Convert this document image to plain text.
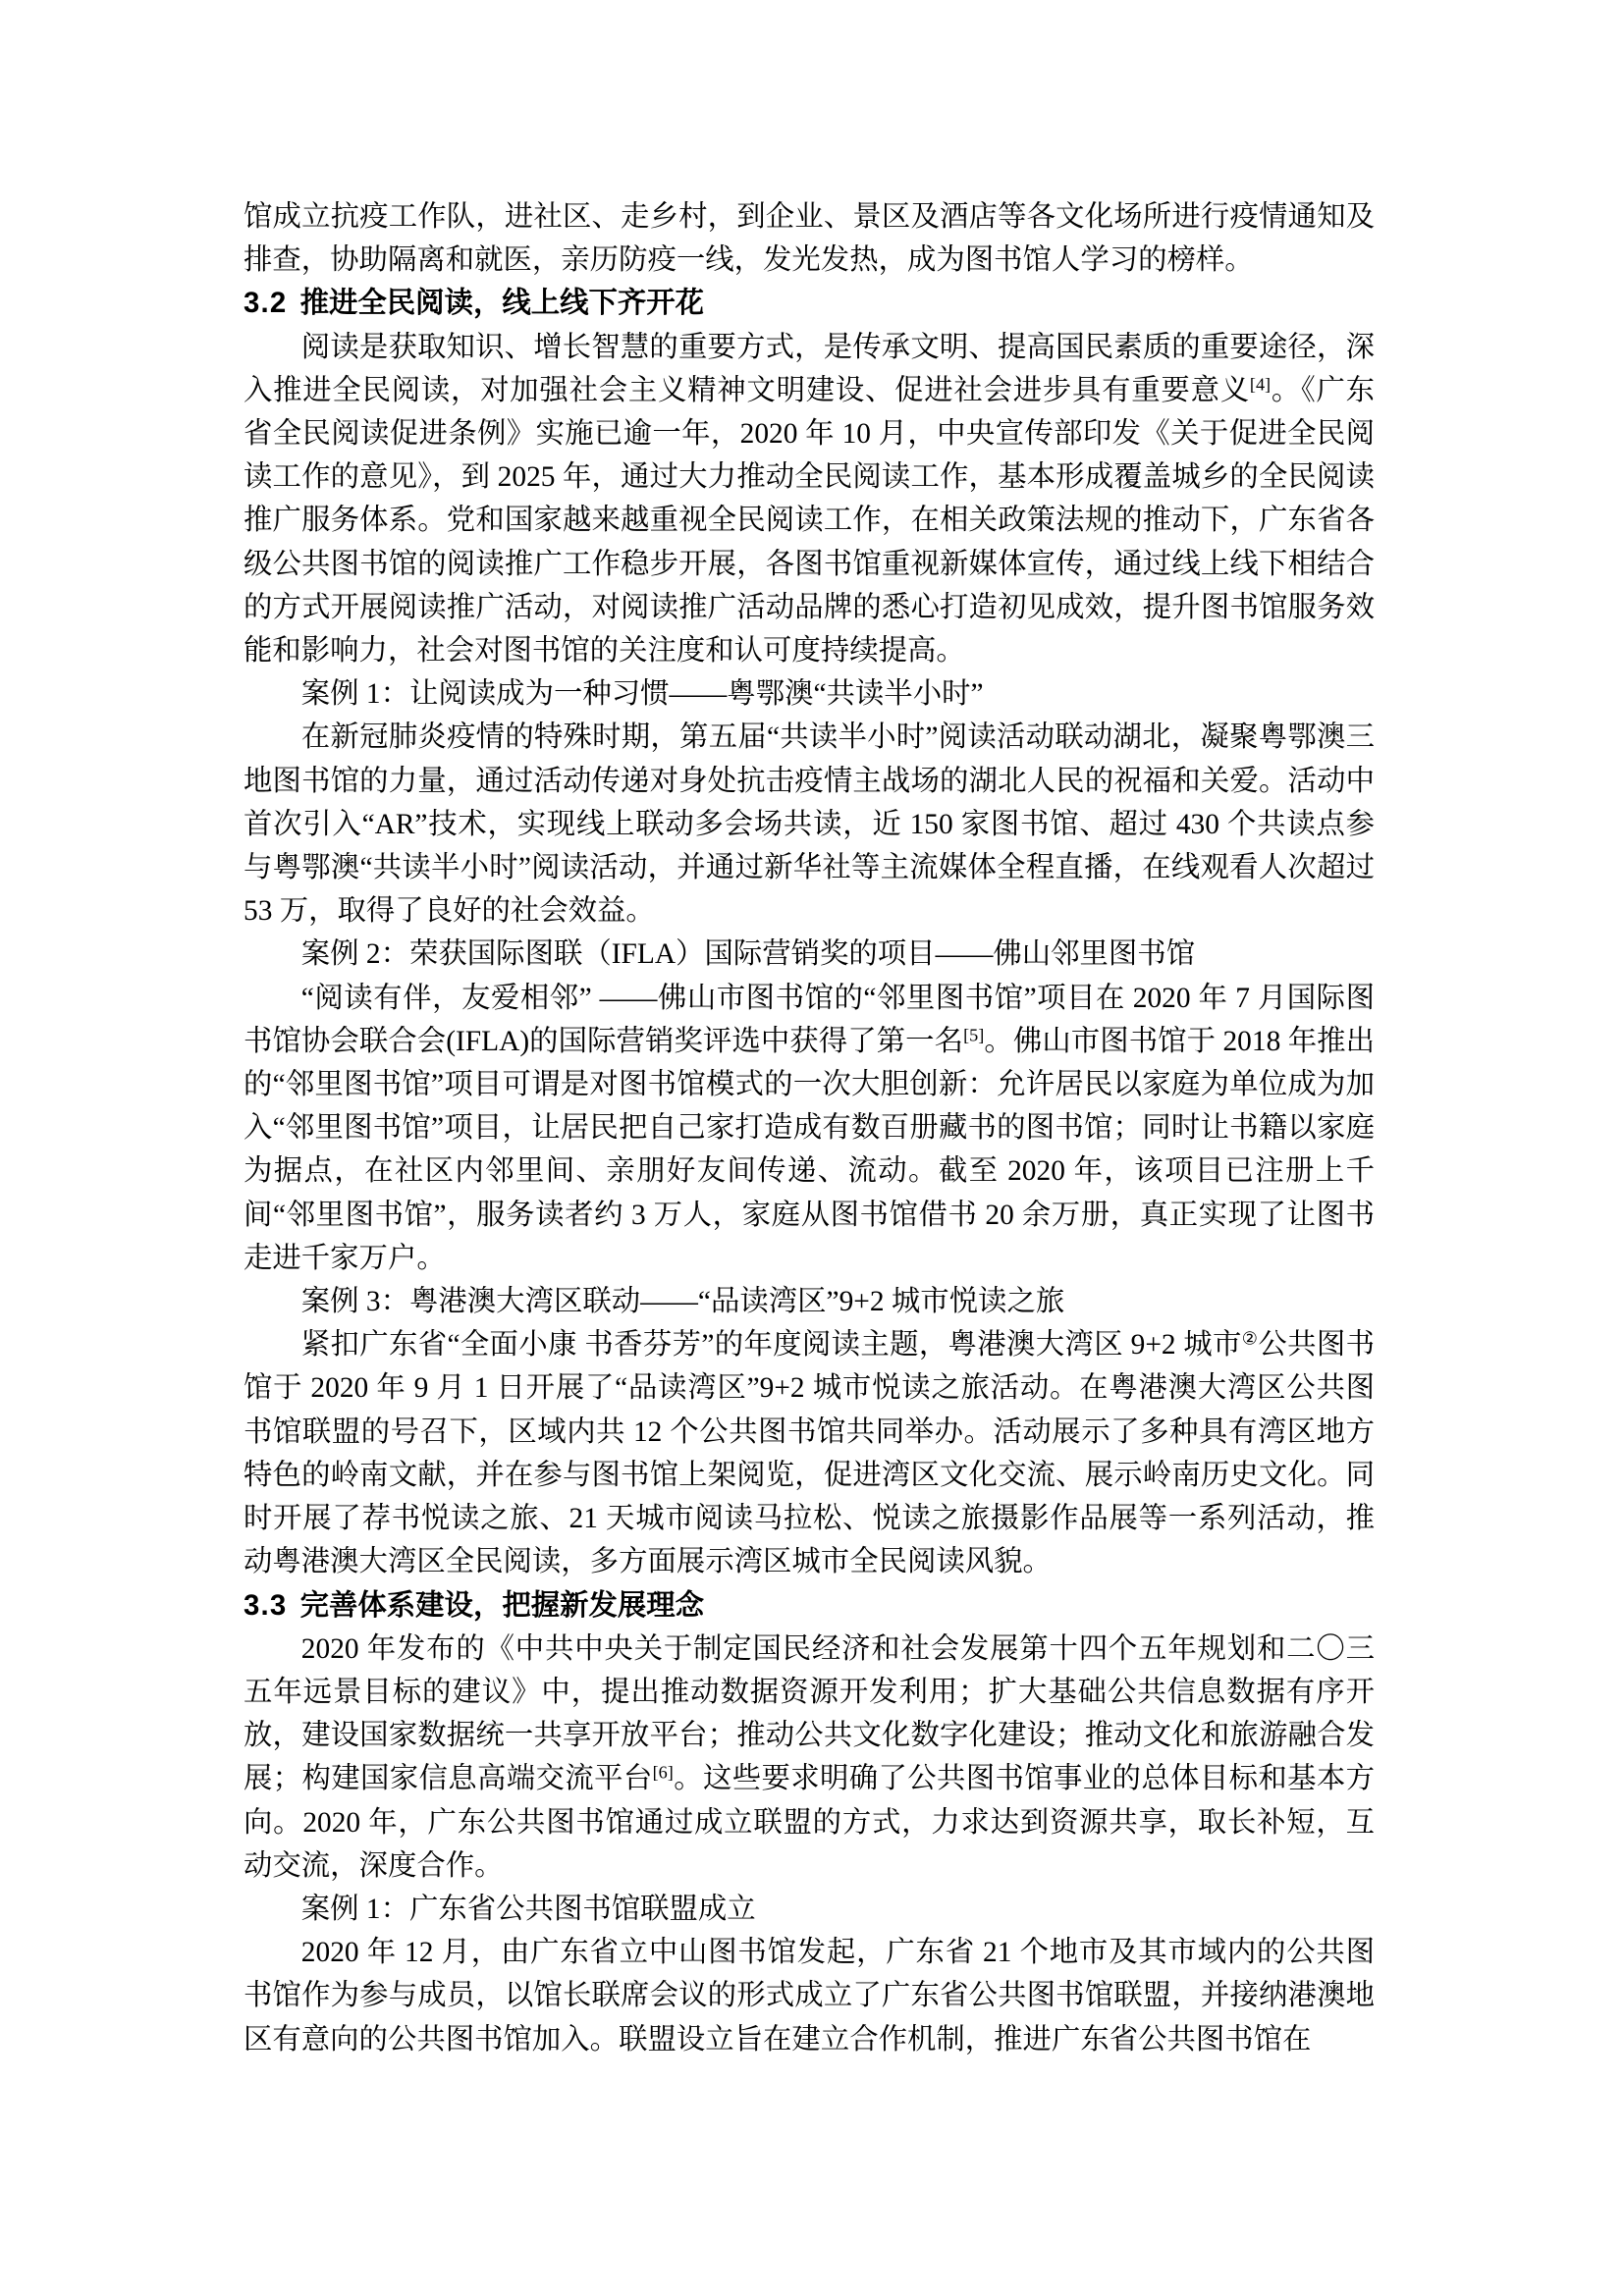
馆成立抗疫工作队，进社区、走乡村，到企业、景区及酒店等各文化场所进行疫情通知及排查，协助隔离和就医，亲历防疫一线，发光发热，成为图书馆人学习的榜样。

3.2 推进全民阅读，线上线下齐开花

阅读是获取知识、增长智慧的重要方式，是传承文明、提高国民素质的重要途径，深入推进全民阅读，对加强社会主义精神文明建设、促进社会进步具有重要意义[4]。《广东省全民阅读促进条例》实施已逾一年，2020 年 10 月，中央宣传部印发《关于促进全民阅读工作的意见》，到 2025 年，通过大力推动全民阅读工作，基本形成覆盖城乡的全民阅读推广服务体系。党和国家越来越重视全民阅读工作，在相关政策法规的推动下，广东省各级公共图书馆的阅读推广工作稳步开展，各图书馆重视新媒体宣传，通过线上线下相结合的方式开展阅读推广活动，对阅读推广活动品牌的悉心打造初见成效，提升图书馆服务效能和影响力，社会对图书馆的关注度和认可度持续提高。

案例 1：让阅读成为一种习惯——粤鄂澳“共读半小时”

在新冠肺炎疫情的特殊时期，第五届“共读半小时”阅读活动联动湖北，凝聚粤鄂澳三地图书馆的力量，通过活动传递对身处抗击疫情主战场的湖北人民的祝福和关爱。活动中首次引入“AR”技术，实现线上联动多会场共读，近 150 家图书馆、超过 430 个共读点参与粤鄂澳“共读半小时”阅读活动，并通过新华社等主流媒体全程直播，在线观看人次超过 53 万，取得了良好的社会效益。

案例 2：荣获国际图联（IFLA）国际营销奖的项目——佛山邻里图书馆

“阅读有伴，友爱相邻” ——佛山市图书馆的“邻里图书馆”项目在 2020 年 7 月国际图书馆协会联合会(IFLA)的国际营销奖评选中获得了第一名[5]。佛山市图书馆于 2018 年推出的“邻里图书馆”项目可谓是对图书馆模式的一次大胆创新：允许居民以家庭为单位成为加入“邻里图书馆”项目，让居民把自己家打造成有数百册藏书的图书馆；同时让书籍以家庭为据点，在社区内邻里间、亲朋好友间传递、流动。截至 2020 年，该项目已注册上千间“邻里图书馆”，服务读者约 3 万人，家庭从图书馆借书 20 余万册，真正实现了让图书走进千家万户。

案例 3：粤港澳大湾区联动——“品读湾区”9+2 城市悦读之旅

紧扣广东省“全面小康 书香芬芳”的年度阅读主题，粤港澳大湾区 9+2 城市②公共图书馆于 2020 年 9 月 1 日开展了“品读湾区”9+2 城市悦读之旅活动。在粤港澳大湾区公共图书馆联盟的号召下，区域内共 12 个公共图书馆共同举办。活动展示了多种具有湾区地方特色的岭南文献，并在参与图书馆上架阅览，促进湾区文化交流、展示岭南历史文化。同时开展了荐书悦读之旅、21 天城市阅读马拉松、悦读之旅摄影作品展等一系列活动，推动粤港澳大湾区全民阅读，多方面展示湾区城市全民阅读风貌。

3.3 完善体系建设，把握新发展理念

2020 年发布的《中共中央关于制定国民经济和社会发展第十四个五年规划和二〇三五年远景目标的建议》中，提出推动数据资源开发利用；扩大基础公共信息数据有序开放，建设国家数据统一共享开放平台；推动公共文化数字化建设；推动文化和旅游融合发展；构建国家信息高端交流平台[6]。这些要求明确了公共图书馆事业的总体目标和基本方向。2020 年，广东公共图书馆通过成立联盟的方式，力求达到资源共享，取长补短，互动交流，深度合作。

案例 1：广东省公共图书馆联盟成立

2020 年 12 月，由广东省立中山图书馆发起，广东省 21 个地市及其市域内的公共图书馆作为参与成员，以馆长联席会议的形式成立了广东省公共图书馆联盟，并接纳港澳地区有意向的公共图书馆加入。联盟设立旨在建立合作机制，推进广东省公共图书馆在
